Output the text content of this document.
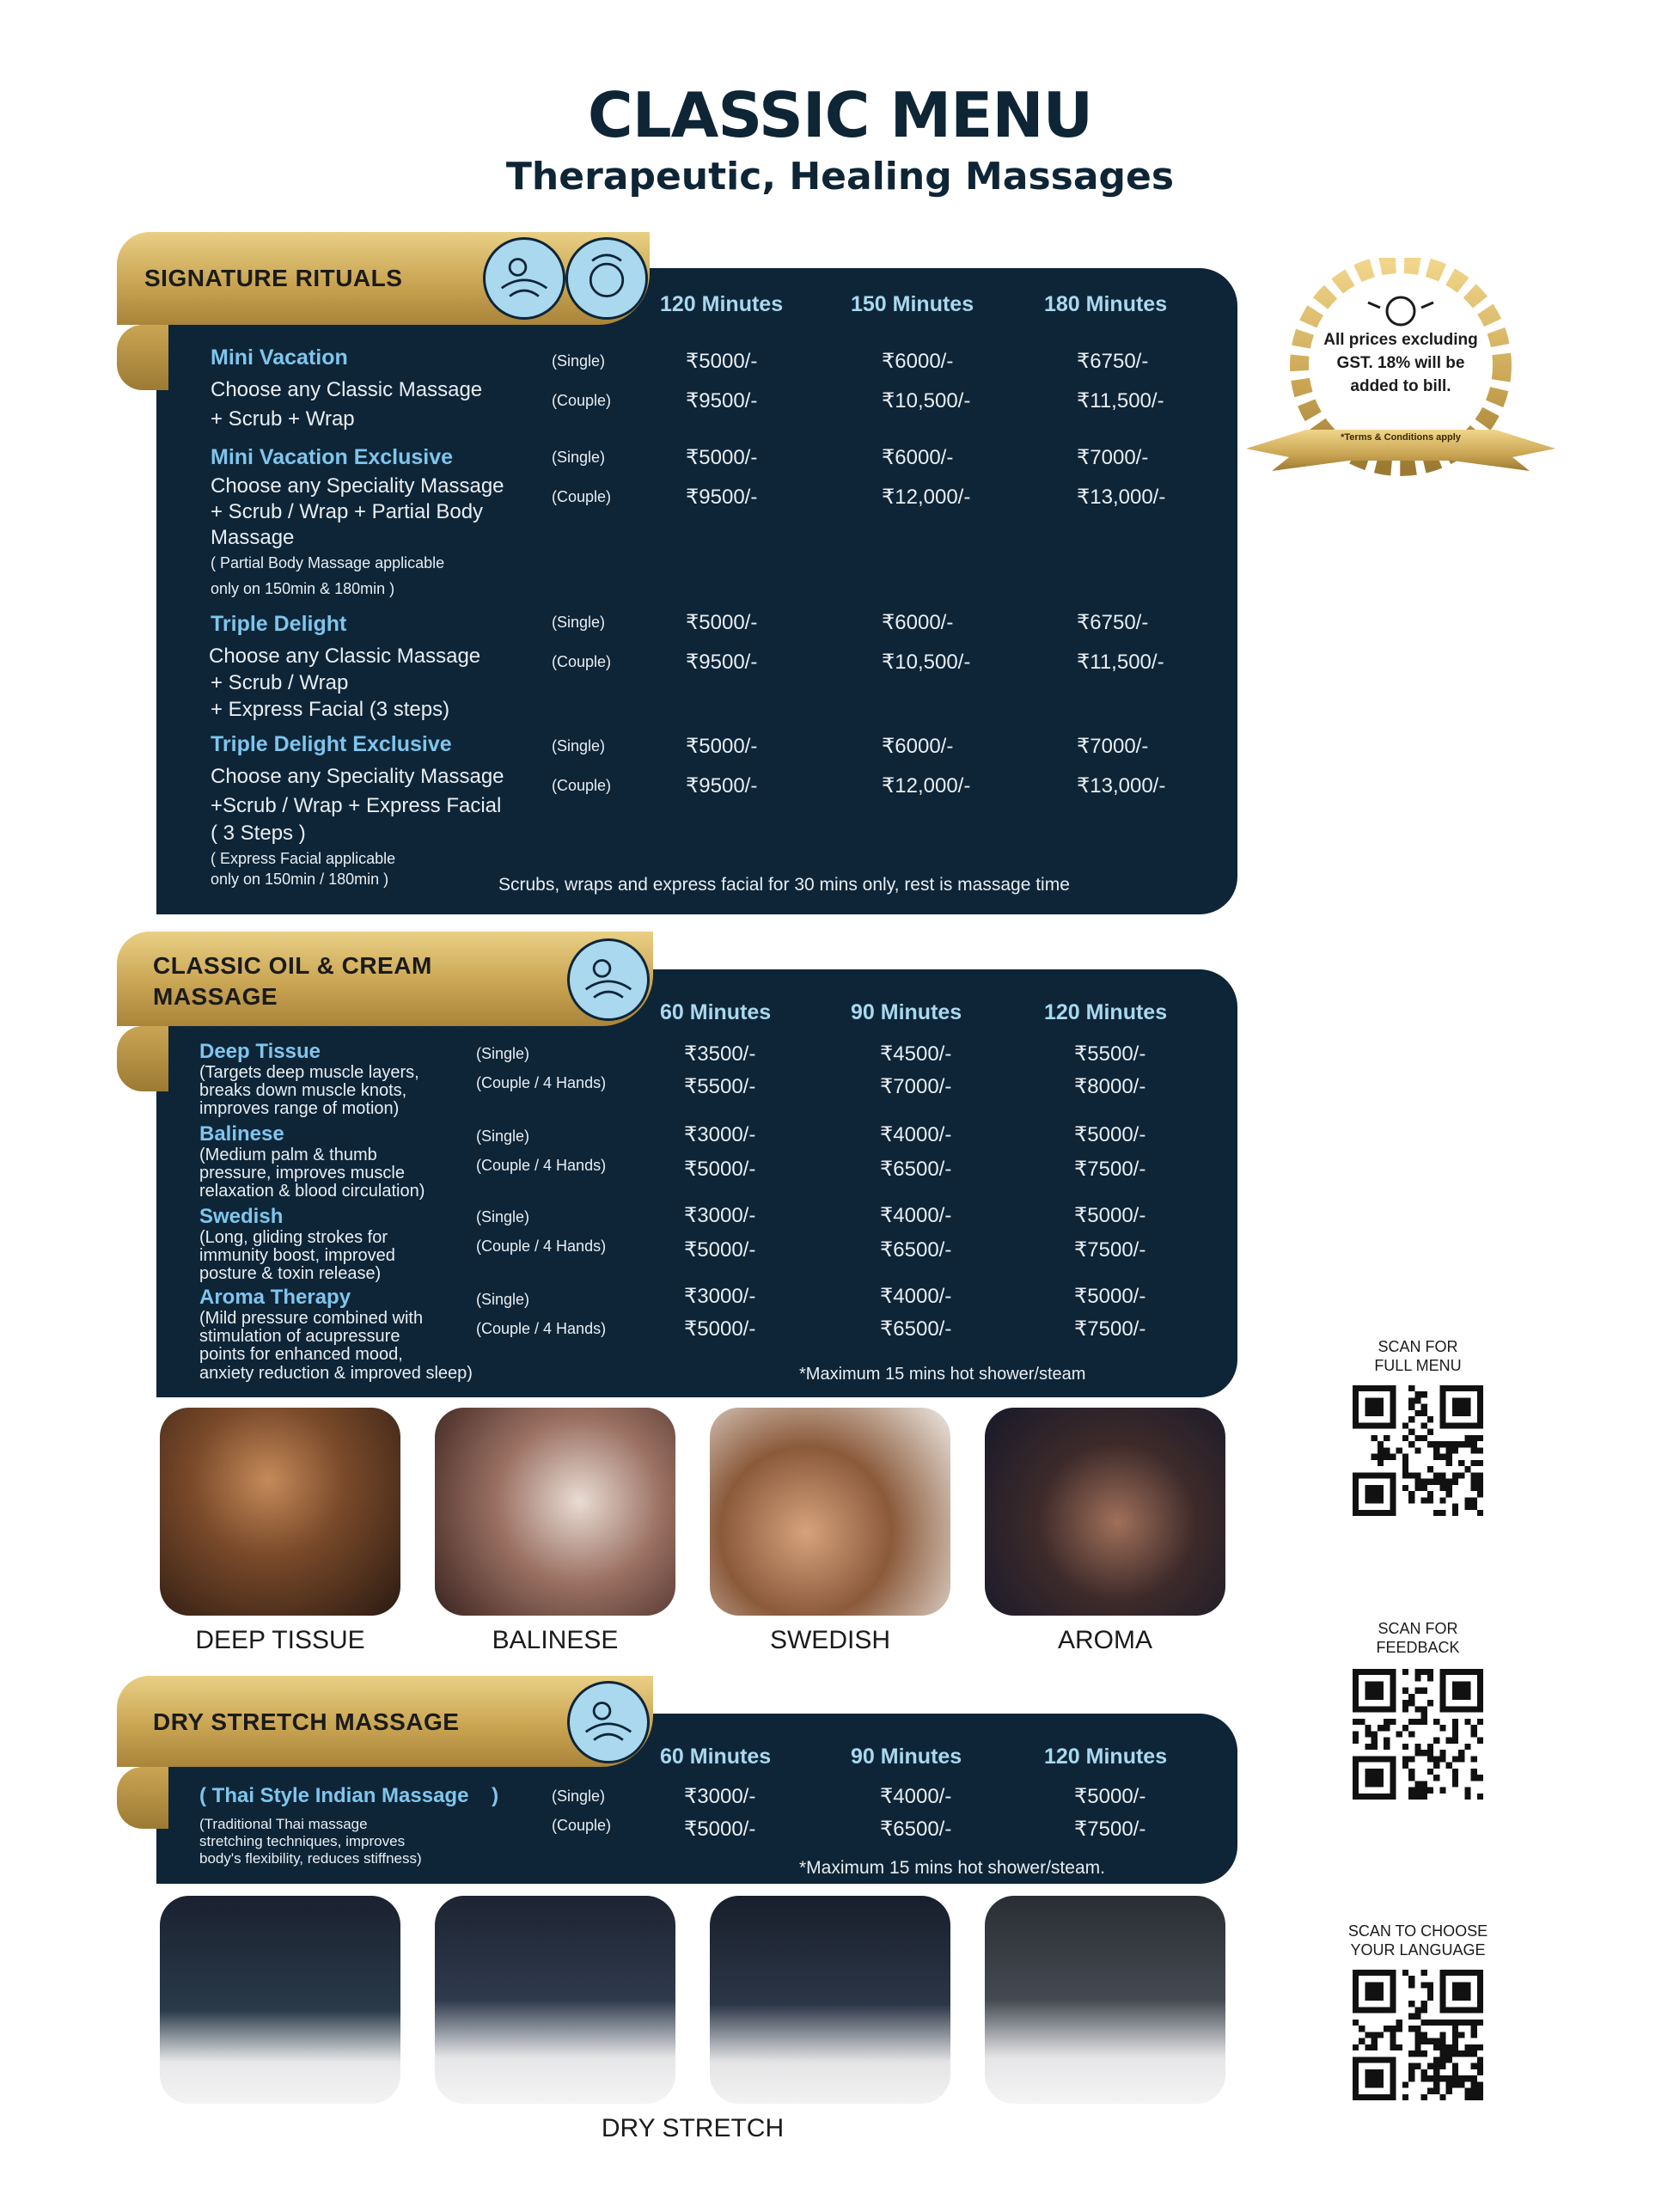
CLASSIC MENU
Therapeutic, Healing Massages
All prices excluding GST. 18% will be added to bill.
*Terms & Conditions apply
SIGNATURE RITUALS
120 Minutes	150 Minutes	180 Minutes
Mini Vacation
Choose any Classic Massage
+ Scrub + Wrap
(Single)
(Couple)
₹5000/-	₹6000/-	₹6750/-
₹9500/-	₹10,500/-	₹11,500/-
Mini Vacation Exclusive
Choose any Speciality Massage
+ Scrub / Wrap + Partial Body
Massage
( Partial Body Massage applicable
only on 150min & 180min )
(Single)
(Couple)
₹5000/-	₹6000/-	₹7000/-
₹9500/-	₹12,000/-	₹13,000/-
Triple Delight
Choose any Classic Massage
+ Scrub / Wrap
+ Express Facial (3 steps)
(Single)
(Couple)
₹5000/-	₹6000/-	₹6750/-
₹9500/-	₹10,500/-	₹11,500/-
Triple Delight Exclusive
Choose any Speciality Massage
+Scrub / Wrap + Express Facial
( 3 Steps )
( Express Facial applicable
only on 150min / 180min )
(Single)
(Couple)
₹5000/-	₹6000/-	₹7000/-
₹9500/-	₹12,000/-	₹13,000/-
Scrubs, wraps and express facial for 30 mins only, rest is massage time
CLASSIC OIL & CREAM
MASSAGE
60 Minutes	90 Minutes	120 Minutes
Deep Tissue
(Targets deep muscle layers,
breaks down muscle knots,
improves range of motion)
(Single)
(Couple / 4 Hands)
₹3500/-	₹4500/-	₹5500/-
₹5500/-	₹7000/-	₹8000/-
Balinese
(Medium palm & thumb
pressure, improves muscle
relaxation & blood circulation)
(Single)
(Couple / 4 Hands)
₹3000/-	₹4000/-	₹5000/-
₹5000/-	₹6500/-	₹7500/-
Swedish
(Long, gliding strokes for
immunity boost, improved
posture & toxin release)
(Single)
(Couple / 4 Hands)
₹3000/-	₹4000/-	₹5000/-
₹5000/-	₹6500/-	₹7500/-
Aroma Therapy
(Mild pressure combined with
stimulation of acupressure
points for enhanced mood,
anxiety reduction & improved sleep)
(Single)
(Couple / 4 Hands)
₹3000/-	₹4000/-	₹5000/-
₹5000/-	₹6500/-	₹7500/-
*Maximum 15 mins hot shower/steam
DEEP TISSUE	BALINESE	SWEDISH	AROMA
DRY STRETCH MASSAGE
60 Minutes	90 Minutes	120 Minutes
( Thai Style Indian Massage    )
(Traditional Thai massage
stretching techniques, improves
body's flexibility, reduces stiffness)
(Single)
(Couple)
₹3000/-	₹4000/-	₹5000/-
₹5000/-	₹6500/-	₹7500/-
*Maximum 15 mins hot shower/steam.
DRY STRETCH
SCAN FOR
FULL MENU
SCAN FOR
FEEDBACK
SCAN TO CHOOSE
YOUR LANGUAGE
